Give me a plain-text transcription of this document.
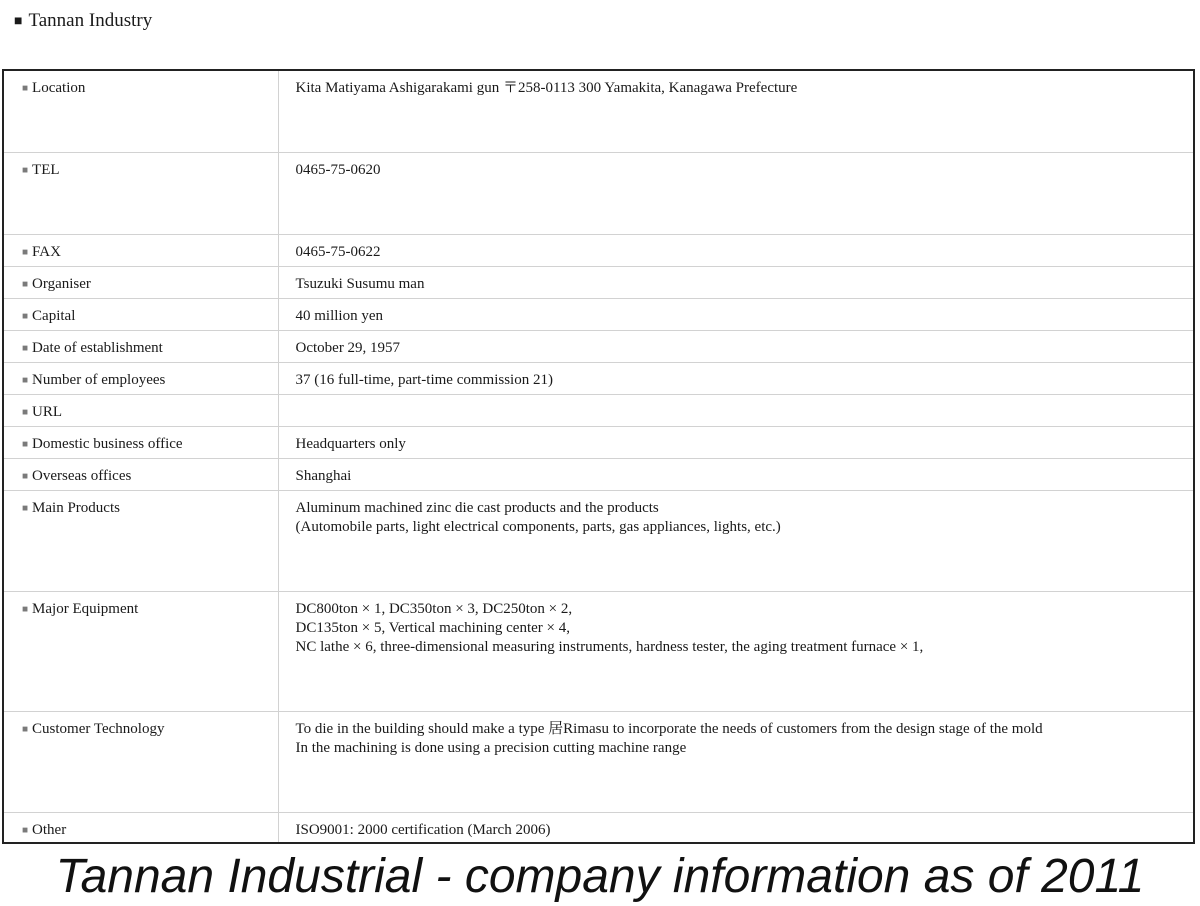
■ Tannan Industry
■ Location	Kita Matiyama Ashigarakami gun 〒258-0113 300 Yamakita, Kanagawa Prefecture

■ TEL	0465-75-0620

■ FAX	0465-75-0622

■ Organiser	Tsuzuki Susumu man

■ Capital	40 million yen

■ Date of establishment	October 29, 1957

■ Number of employees	37 (16 full-time, part-time commission 21)

■ URL	
■ Domestic business office	Headquarters only

■ Overseas offices	Shanghai

■ Main Products	Aluminum machined zinc die cast products and the products
(Automobile parts, light electrical components, parts, gas appliances, lights, etc.)

■ Major Equipment	DC800ton × 1, DC350ton × 3, DC250ton × 2,
DC135ton × 5, Vertical machining center × 4,
NC lathe × 6, three-dimensional measuring instruments, hardness tester, the aging treatment furnace × 1,

■ Customer Technology	To die in the building should make a type 居Rimasu to incorporate the needs of customers from the design stage of the mold
In the machining is done using a precision cutting machine range

■ Other	ISO9001: 2000 certification (March 2006)
Tannan Industrial - company information as of 2011
